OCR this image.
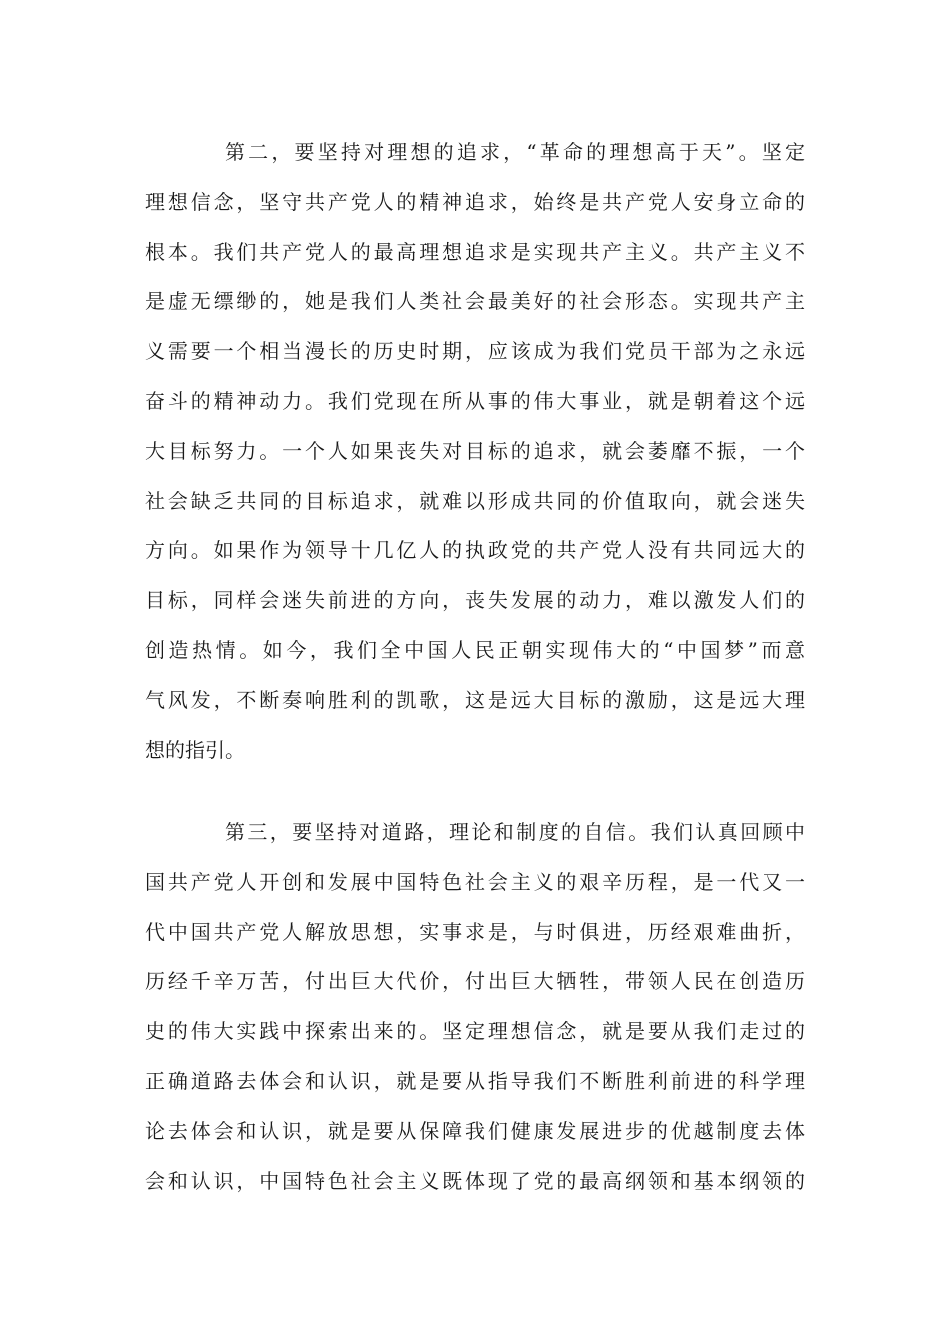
第二，要坚持对理想的追求，“革命的理想高于天”。坚定
理想信念，坚守共产党人的精神追求，始终是共产党人安身立命的
根本。我们共产党人的最高理想追求是实现共产主义。共产主义不
是虚无缥缈的，她是我们人类社会最美好的社会形态。实现共产主
义需要一个相当漫长的历史时期，应该成为我们党员干部为之永远
奋斗的精神动力。我们党现在所从事的伟大事业，就是朝着这个远
大目标努力。一个人如果丧失对目标的追求，就会萎靡不振，一个
社会缺乏共同的目标追求，就难以形成共同的价值取向，就会迷失
方向。如果作为领导十几亿人的执政党的共产党人没有共同远大的
目标，同样会迷失前进的方向，丧失发展的动力，难以激发人们的
创造热情。如今，我们全中国人民正朝实现伟大的“中国梦”而意
气风发，不断奏响胜利的凯歌，这是远大目标的激励，这是远大理
想的指引。
第三，要坚持对道路，理论和制度的自信。我们认真回顾中
国共产党人开创和发展中国特色社会主义的艰辛历程，是一代又一
代中国共产党人解放思想，实事求是，与时俱进，历经艰难曲折，
历经千辛万苦，付出巨大代价，付出巨大牺牲，带领人民在创造历
史的伟大实践中探索出来的。坚定理想信念，就是要从我们走过的
正确道路去体会和认识，就是要从指导我们不断胜利前进的科学理
论去体会和认识，就是要从保障我们健康发展进步的优越制度去体
会和认识，中国特色社会主义既体现了党的最高纲领和基本纲领的
